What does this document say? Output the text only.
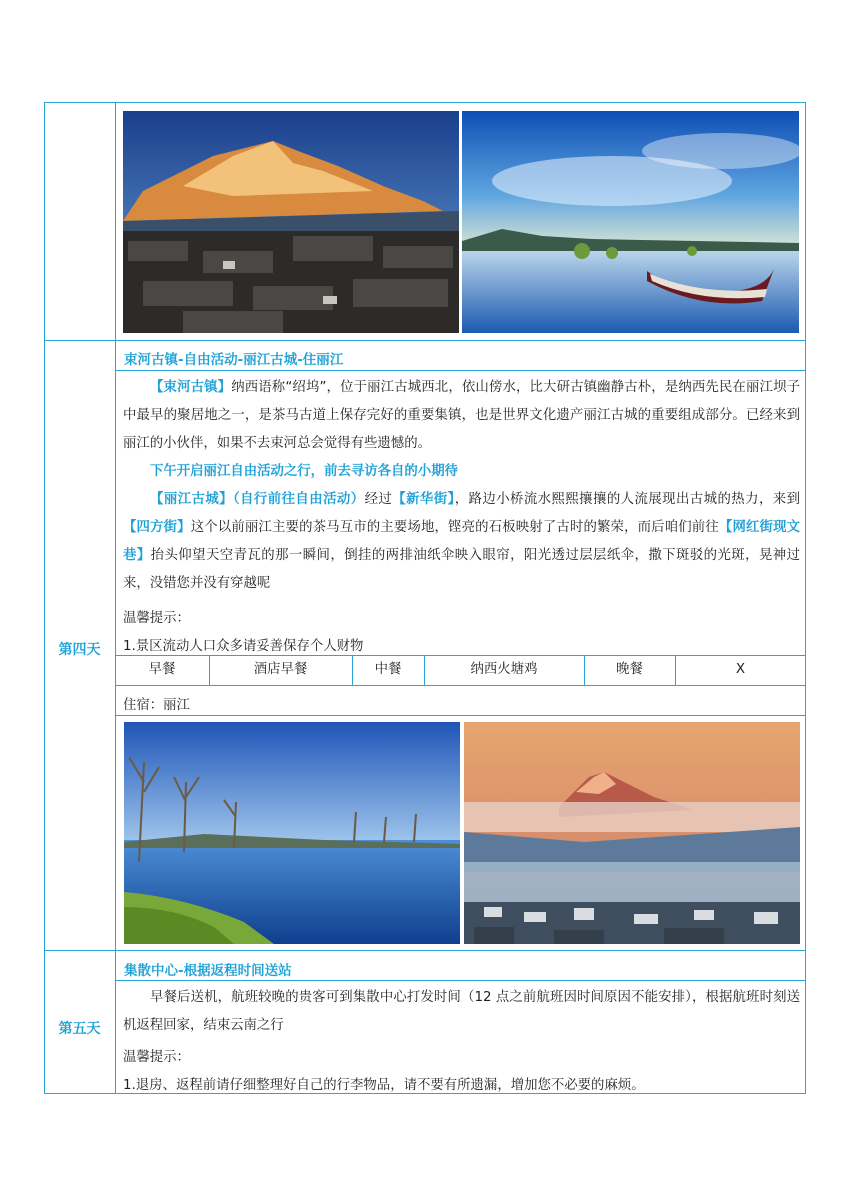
第四天
束河古镇-自由活动-丽江古城-住丽江
【束河古镇】纳西语称“绍坞”，位于丽江古城西北，依山傍水，比大研古镇幽静古朴，是纳西先民在丽江坝子中最早的聚居地之一，是茶马古道上保存完好的重要集镇，也是世界文化遗产丽江古城的重要组成部分。已经来到丽江的小伙伴，如果不去束河总会觉得有些遗憾的。
下午开启丽江自由活动之行，前去寻访各自的小期待
【丽江古城】（自行前往自由活动）经过【新华街】，路边小桥流水熙熙攘攘的人流展现出古城的热力，来到【四方街】这个以前丽江主要的茶马互市的主要场地，铿亮的石板映射了古时的繁荣，而后咱们前往【网红街现文巷】抬头仰望天空青瓦的那一瞬间，倒挂的两排油纸伞映入眼帘，阳光透过层层纸伞，撒下斑驳的光斑，晃神过来，没错您并没有穿越呢
温馨提示：
1.景区流动人口众多请妥善保存个人财物
早餐	酒店早餐	中餐	纳西火塘鸡	晚餐	X
住宿：丽江
第五天
集散中心-根据返程时间送站
早餐后送机，航班较晚的贵客可到集散中心打发时间（12 点之前航班因时间原因不能安排），根据航班时刻送机返程回家，结束云南之行
温馨提示：
1.退房、返程前请仔细整理好自己的行李物品，请不要有所遗漏，增加您不必要的麻烦。
